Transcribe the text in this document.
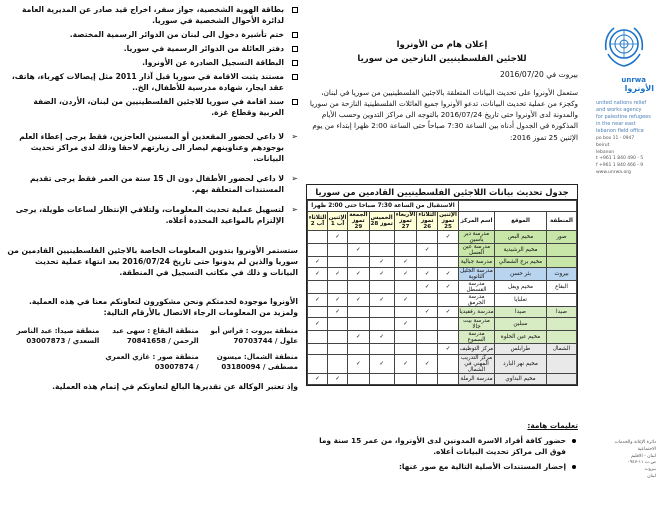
بطاقة الهوية الشخصية، جواز سفر، اخراج قيد صادر عن المديرية العامة لدائرة الأحوال الشخصية في سوريا.
ختم تأشيرة دخول الى لبنان من الدوائر الرسمية المختصة.
دفتر العائلة من الدوائر الرسمية في سوريا.
البطاقة التسجيل الصادرة عن الأونروا.
مستند يثبت الاقامة في سوريا قبل آذار 2011 مثل إيصالات كهرباء، هاتف، عقد ايجار، شهادة مدرسية للأطفال، الخ..
سند اقامة في سوريا للاجئين الفلسطينيين من لبنان، الأردن، الضفة الغربية وقطاع غزة.
➢
لا داعي لحضور المقعدين أو المسنين العاجزين، فقط يرجى إعطاء العلم بوجودهم وعناوينهم ليصار الى زيارتهم لاحقا وذلك لدى مراكز تحديث البيانات.
➢
لا داعي لحضور الأطفال دون ال 15 سنة من العمر فقط يرجى تقديم المستندات المتعلقة بهم.
➢
لتسهيل عملية تحديث المعلومات، ولتلافي الإنتظار لساعات طويلة، يرجى الإلتزام بالمواعيد المحددة أعلاه.
ستستمر الأونروا بتدوين المعلومات الخاصة بالاجئين الفلسطينيين القادمين من سوريا والذين لم يدونوا حتى تاريخ 2016/07/24 بعد انتهاء عملية تحديث البيانات و ذلك في مكاتب التسجيل في المنطقة.
الأونروا موجودة لخدمتكم ونحن مشكورون لتعاونكم معنا في هذه العملية. ولمزيد من المعلومات الرجاء الاتصال بالأرقام التالية:
منطقة بيروت : فراس أبو علول / 70703744
منطقة البقاع : سهى عبد الرحمن / 70841658
منطقة صيدا: عبد الناصر السعدي / 03007873
منطقة الشمال: ميسون مصطفى / 03180094
منطقة صور : غازي العمري / 03007874
وإذ تعتبر الوكالة عن تقديرها البالغ لتعاونكم في إتمام هذه العملية.
إعلان هام من الأونروا
للاجئين الفلسطينيين النازحين من سوريا
بيروت في 2016/07/20
ستعمل الأونروا على تحديث البيانات المتعلقة بالاجئين الفلسطينيين من سوريا في لبنان، وكجزء من عملية تحديث البيانات، تدعو الأونروا جميع العائلات الفلسطينية النازحة من سوريا والمدونة لدى الأونروا حتى تاريخ 2016/07/24 بالتوجه الى مراكز التدوين وحسب الأيام المذكورة في الجدول أدناه بين الساعة 7:30 صباحاً حتى الساعة 2:00 ظهرا إبتداء من يوم الإثنين 25 تموز 2016:
جدول تحديث بيانات اللاجئين الفلسطينيين القادمين من سوريا
			الاستقبال من الساعة 7:30 صباحا حتى 2:00 ظهرا						
المنطقة	الموقع	اسم المركز	الإثنين تموز 25	الثلاثاء تموز 26	الأربعاء تموز 27	الخميس تموز 28	الجمعة تموز 29	الإثنين آب 1	الثلاثاء آب 2
صور	مخيم البص	مدرسة دير ياسين	✓					✓	
	مخيم الرشيدية	مدرسة عين العسل		✓			✓		
	مخيم برج الشمالي	مدرسة جبالية			✓	✓			✓
بيروت	بئر حسن	مدرسة الجليل الثانوية	✓	✓	✓	✓	✓	✓	✓
البقاع	مخيم ويفل	مدرسة القسطل	✓	✓					
	تعلبايا	مدرسة الجرمق			✓	✓	✓	✓	✓
صيدا	صيدا	مدرسة رفقيديا	✓	✓				✓	
	سبلين	مدرسة بيت جالا			✓				✓
	مخيم عين الحلوة	مدرسة السموع				✓	✓		
الشمال	طرابلس	مركز التوظيف	✓						
	مخيم نهر البارد	مركز التدريب المهني في الشمال		✓	✓	✓	✓		
	مخيم البداوي	مدرسة الرملة						✓	✓
تعليمات هامة:
حضور كافة أفراد الاسرة المدونين لدى الأونروا، من عمر 15 سنة وما فوق الى مراكز تحديث البيانات أعلاه.
إحضار المستندات الأصلية التالية مع صور عنها:
unrwa
الأونروا
united nations relief
and works agency
for palestine refugees
in the near east
lebanon field office
po box 11 - 0947
beirut
lebanon
t +961 1 840 490 - 5
f +961 1 840 466 - 9
www.unrwa.org
دائرة الإغاثة والخدمات الاجتماعية
لبنان - الاقليم
ص.ب ١١-٠٩٤٧
بيروت
لبنان
